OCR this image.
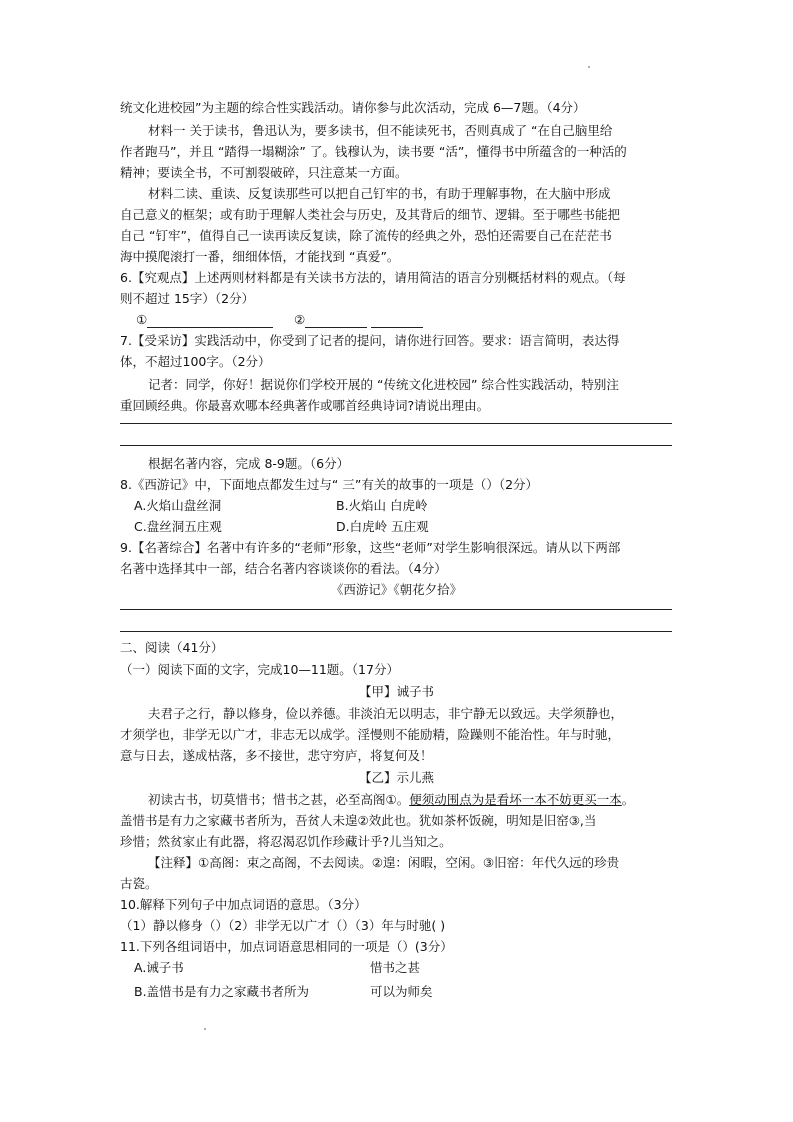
统文化进校园”为主题的综合性实践活动。请你参与此次活动，完成 6—7题。（4分）
材料一 关于读书，鲁迅认为，要多读书，但不能读死书，否则真成了 “在自己脑里给
作者跑马”，并且 “踏得一塌糊涂” 了。钱穆认为，读书要 “活”，懂得书中所蕴含的一种活的
精神；要读全书，不可割裂破碎，只注意某一方面。
材料二读、重读、反复读那些可以把自己钉牢的书，有助于理解事物，在大脑中形成
自己意义的框架；或有助于理解人类社会与历史，及其背后的细节、逻辑。至于哪些书能把
自己 “钉牢”，值得自己一读再读反复读，除了流传的经典之外，恐怕还需要自己在茫茫书
海中摸爬滚打一番，细细体悟，才能找到 “真爱”。
6.【究观点】上述两则材料都是有关读书方法的，请用简洁的语言分别概括材料的观点。（每
则不超过 15字）（2分）
①	②
7.【受采访】实践活动中，你受到了记者的提问，请你进行回答。要求：语言简明，表达得
体，不超过100字。（2分）
记者：同学，你好！据说你们学校开展的 “传统文化进校园” 综合性实践活动，特别注
重回顾经典。你最喜欢哪本经典著作或哪首经典诗词?请说出理由。
根据名著内容，完成 8-9题。（6分）
8.《西游记》中，下面地点都发生过与“ 三”有关的故事的一项是（）（2分）
A.火焰山盘丝洞	B.火焰山 白虎岭
C.盘丝洞五庄观	D.白虎岭 五庄观
9.【名著综合】名著中有许多的“老师”形象，这些“老师”对学生影响很深远。请从以下两部
名著中选择其中一部，结合名著内容谈谈你的看法。（4分）
《西游记》《朝花夕拾》
二、阅读（41分）
（一）阅读下面的文字，完成10—11题。（17分）
【甲】诫子书
夫君子之行，静以修身，俭以养德。非淡泊无以明志，非宁静无以致远。夫学须静也，
才须学也，非学无以广才，非志无以成学。淫慢则不能励精，险躁则不能治性。年与时驰，
意与日去，遂成枯落，多不接世，悲守穷庐，将复何及！
【乙】示儿燕
初读古书，切莫惜书；惜书之甚，必至高阁①。便须动围点为是看坏一本不妨更买一本。
盖惜书是有力之家藏书者所为，吾贫人未遑②效此也。犹如茶杯饭碗，明知是旧窑③,当
珍惜；然贫家止有此器，将忍渴忍饥作珍藏计乎?儿当知之。
【注释】①高阁：束之高阁，不去阅读。②遑：闲暇，空闲。③旧窑：年代久远的珍贵
古瓷。
10.解释下列句子中加点词语的意思。（3分）
（1）静以修身（）（2）非学无以广才（）（3）年与时驰( )
11.下列各组词语中，加点词语意思相同的一项是（）(3分）
A.诫子书	惜书之甚
B.盖惜书是有力之家藏书者所为	可以为师矣
